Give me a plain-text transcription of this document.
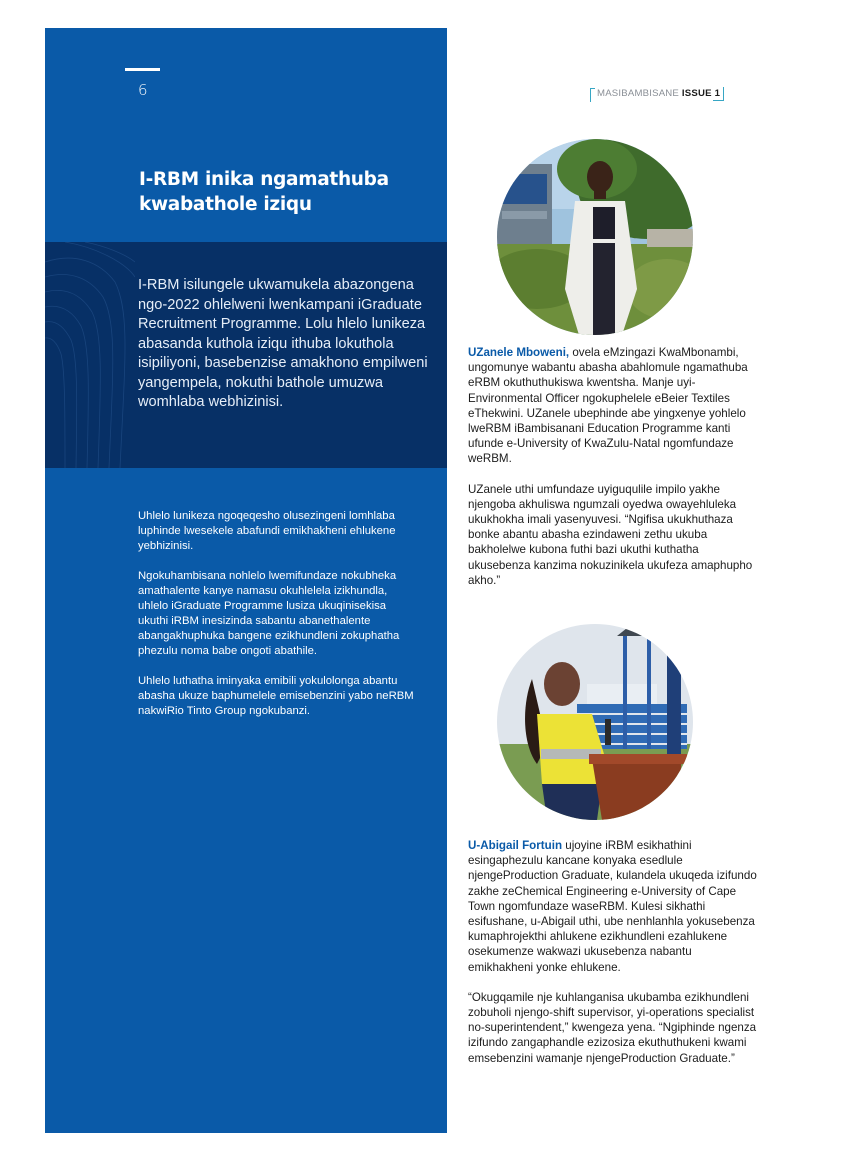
6
I-RBM inika ngamathuba
kwabathole iziqu

I-RBM isilungele ukwamukela abazongena ngo-2022 ohlelweni lwenkampani iGraduate Recruitment Programme. Lolu hlelo lunikeza abasanda kuthola iziqu ithuba lokuthola isipiliyoni, basebenzise amakhono empilweni yangempela, nokuthi bathole umuzwa womhlaba webhizinisi.

Uhlelo lunikeza ngoqeqesho olusezingeni lomhlaba luphinde lwesekele abafundi emikhakheni ehlukene yebhizinisi.

Ngokuhambisana nohlelo lwemifundaze nokubheka amathalente kanye namasu okuhlelela izikhundla, uhlelo iGraduate Programme lusiza ukuqinisekisa ukuthi iRBM inesizinda sabantu abanethalente abangakhuphuka bangene ezikhundleni zokuphatha phezulu noma babe ongoti abathile.

Uhlelo luthatha iminyaka emibili yokulolonga abantu abasha ukuze baphumelele emisebenzini yabo neRBM nakwiRio Tinto Group ngokubanzi.

MASIBAMBISANE ISSUE 1

UZanele Mboweni, ovela eMzingazi KwaMbonambi, ungomunye wabantu abasha abahlomule ngamathuba eRBM okuthuthukiswa kwentsha. Manje uyi-Environmental Officer ngokuphelele eBeier Textiles eThekwini. UZanele ubephinde abe yingxenye yohlelo lweRBM iBambisanani Education Programme kanti ufunde e-University of KwaZulu-Natal ngomfundaze weRBM.

UZanele uthi umfundaze uyiguqulile impilo yakhe njengoba akhuliswa ngumzali oyedwa owayehluleka ukukhokha imali yasenyuvesi. “Ngifisa ukukhuthaza bonke abantu abasha ezindaweni zethu ukuba bakholelwe kubona futhi bazi ukuthi kuthatha ukusebenza kanzima nokuzinikela ukufeza amaphupho akho.”

U-Abigail Fortuin ujoyine iRBM esikhathini esingaphezulu kancane konyaka esedlule njengeProduction Graduate, kulandela ukuqeda izifundo zakhe zeChemical Engineering e-University of Cape Town ngomfundaze waseRBM. Kulesi sikhathi esifushane, u-Abigail uthi, ube nenhlanhla yokusebenza kumaphrojekthi ahlukene ezikhundleni ezahlukene osekumenze wakwazi ukusebenza nabantu emikhakheni yonke ehlukene.

“Okugqamile nje kuhlanganisa ukubamba ezikhundleni zobuholi njengo-shift supervisor, yi-operations specialist no-superintendent,” kwengeza yena. “Ngiphinde ngenza izifundo zangaphandle ezizosiza ekuthuthukeni kwami emsebenzini wamanje njengeProduction Graduate.”
